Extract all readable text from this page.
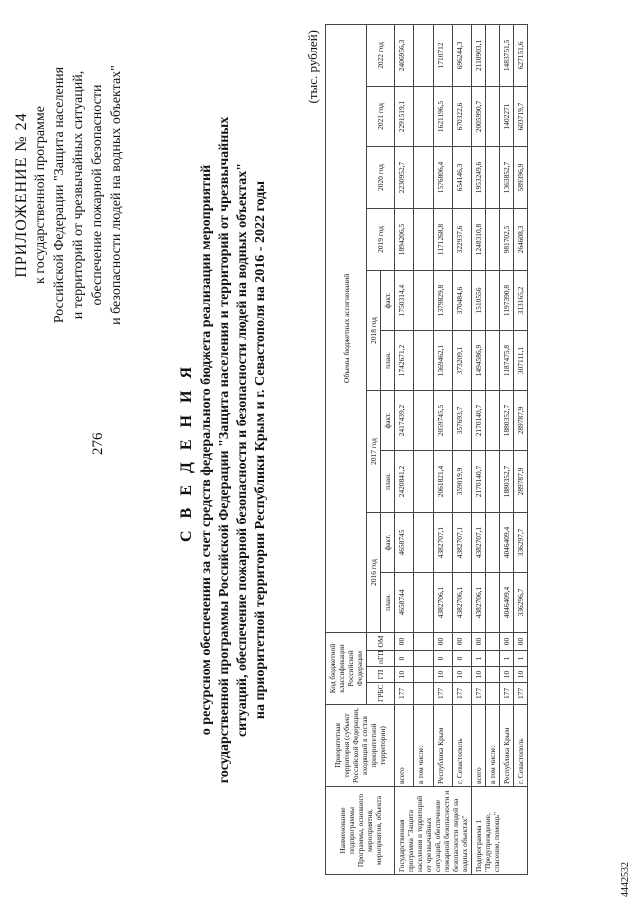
276
ПРИЛОЖЕНИЕ № 24 к государственной программе Российской Федерации "Защита населения и территорий от чрезвычайных ситуаций, обеспечение пожарной безопасности и безопасности людей на водных объектах"
С В Е Д Е Н И Я о ресурсном обеспечении за счет средств федерального бюджета реализации мероприятий государственной программы Российской Федерации "Защита населения и территорий от чрезвычайных ситуаций, обеспечение пожарной безопасности и безопасности людей на водных объектах" на приоритетной территории Республики Крым и г. Севастополя на 2016 - 2022 годы
(тыс. рублей)
Наименование подпрограммы Программы, основного мероприятия, мероприятия, объекта	Приоритетная территория (субъект Российской Федерации, входящий в состав приоритетной территории)	Код бюджетной классификации Российской Федерации				Объемы бюджетных ассигнований									
		ГРБС	ГП	пГП	ОМ	2016 год		2017 год		2018 год		2019 год	2020 год	2021 год	2022 год
						план.	факт.	план.	факт.	план.	факт.				
Государственная программа "Защита населения и территорий от чрезвычайных ситуаций, обеспечение пожарной безопасности и безопасности людей на водных объектах"	всего	177	10	0	00	4658744	4658745	2420841,2	2417439,2	1742671,2	1750314,4	1894206,5	2230952,7	2291519,1	2406956,3
	в том числе:														
	Республика Крым	177	10	0	00	4382706,1	4382707,1	2061821,4	2059745,5	1369462,1	1379829,8	1171268,8	1576806,4	1621196,5	1710712
	г. Севастополь	177	10	0	00	4382706,1	4382707,1	359019,9	357693,7	373209,1	370484,6	322937,6	654146,3	670322,6	696244,3
Подпрограмма 1 "Предупреждение, спасение, помощь"	всего	177	10	1	00	4382706,1	4382707,1	2170140,7	2170140,7	1494586,9	1510556	1248310,8	1953249,6	2005990,7	2110903,1
	в том числе:														
	Республика Крым	177	10	1	00	4046409,4	4046409,4	1880352,7	1880352,7	1187475,8	1197390,8	981702,5	1363852,7	1402271	1483751,5
	г. Севастополь	177	10	1	00	336296,7	336297,7	289787,9	289787,9	307111,1	313165,2	264608,3	589396,9	603719,7	627151,6
4442532
